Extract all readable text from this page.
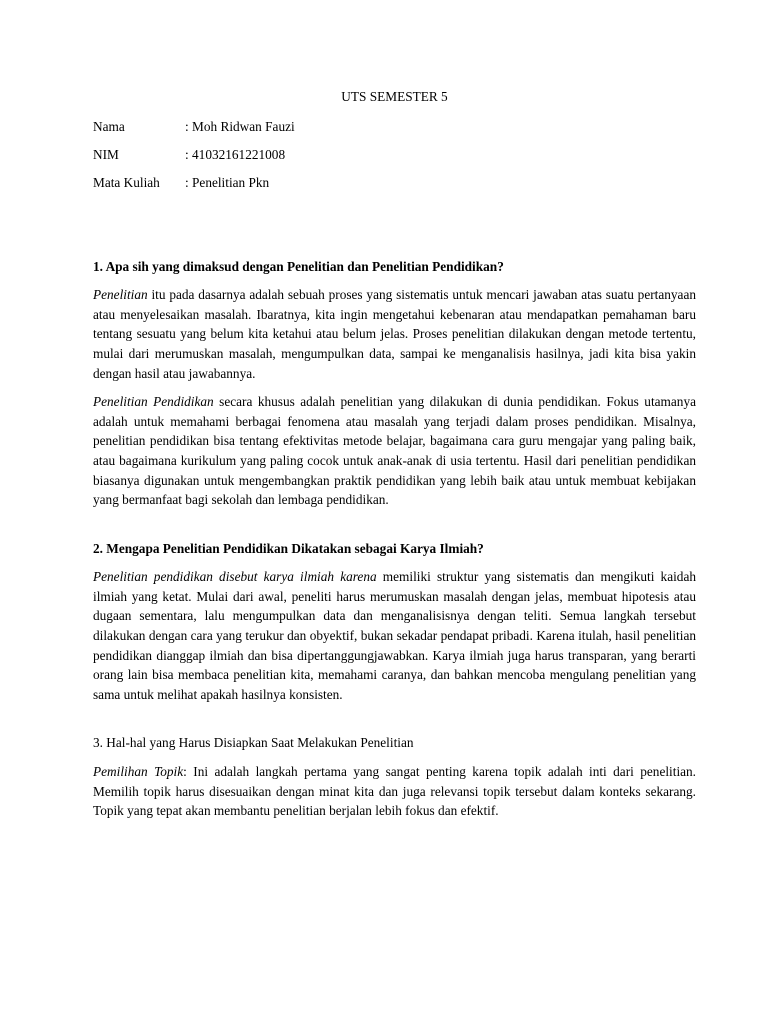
UTS SEMESTER 5
Nama	: Moh Ridwan Fauzi
NIM	: 41032161221008
Mata Kuliah	: Penelitian Pkn
1. Apa sih yang dimaksud dengan Penelitian dan Penelitian Pendidikan?

Penelitian itu pada dasarnya adalah sebuah proses yang sistematis untuk mencari jawaban atas suatu pertanyaan atau menyelesaikan masalah. Ibaratnya, kita ingin mengetahui kebenaran atau mendapatkan pemahaman baru tentang sesuatu yang belum kita ketahui atau belum jelas. Proses penelitian dilakukan dengan metode tertentu, mulai dari merumuskan masalah, mengumpulkan data, sampai ke menganalisis hasilnya, jadi kita bisa yakin dengan hasil atau jawabannya.

Penelitian Pendidikan secara khusus adalah penelitian yang dilakukan di dunia pendidikan. Fokus utamanya adalah untuk memahami berbagai fenomena atau masalah yang terjadi dalam proses pendidikan. Misalnya, penelitian pendidikan bisa tentang efektivitas metode belajar, bagaimana cara guru mengajar yang paling baik, atau bagaimana kurikulum yang paling cocok untuk anak-anak di usia tertentu. Hasil dari penelitian pendidikan biasanya digunakan untuk mengembangkan praktik pendidikan yang lebih baik atau untuk membuat kebijakan yang bermanfaat bagi sekolah dan lembaga pendidikan.

2. Mengapa Penelitian Pendidikan Dikatakan sebagai Karya Ilmiah?

Penelitian pendidikan disebut karya ilmiah karena memiliki struktur yang sistematis dan mengikuti kaidah ilmiah yang ketat. Mulai dari awal, peneliti harus merumuskan masalah dengan jelas, membuat hipotesis atau dugaan sementara, lalu mengumpulkan data dan menganalisisnya dengan teliti. Semua langkah tersebut dilakukan dengan cara yang terukur dan obyektif, bukan sekadar pendapat pribadi. Karena itulah, hasil penelitian pendidikan dianggap ilmiah dan bisa dipertanggungjawabkan. Karya ilmiah juga harus transparan, yang berarti orang lain bisa membaca penelitian kita, memahami caranya, dan bahkan mencoba mengulang penelitian yang sama untuk melihat apakah hasilnya konsisten.

3. Hal-hal yang Harus Disiapkan Saat Melakukan Penelitian

Pemilihan Topik: Ini adalah langkah pertama yang sangat penting karena topik adalah inti dari penelitian. Memilih topik harus disesuaikan dengan minat kita dan juga relevansi topik tersebut dalam konteks sekarang. Topik yang tepat akan membantu penelitian berjalan lebih fokus dan efektif.
